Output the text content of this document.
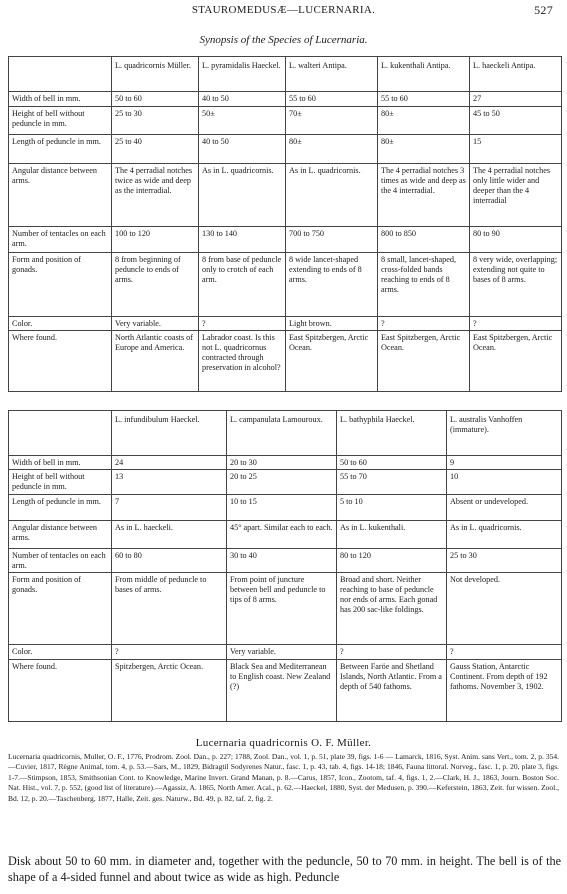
STAUROMEDUSÆ—LUCERNARIA.	527
Synopsis of the Species of Lucernaria.
	L. quadricornis Müller.	L. pyramidalis Haeckel.	L. walteri Antipa.	L. kukenthali Antipa.	L. haeckeli Antipa.
Width of bell in mm.	50 to 60	40 to 50	55 to 60	55 to 60	27
Height of bell without peduncle in mm.	25 to 30	50±	70±	80±	45 to 50
Length of peduncle in mm.	25 to 40	40 to 50	80±	80±	15
Angular distance between arms.	The 4 perradial notches twice as wide and deep as the interradial.	As in L. quadricornis.	As in L. quadricornis.	The 4 perradial notches 3 times as wide and deep as the 4 interradial.	The 4 perradial notches only little wider and deeper than the 4 interradial
Number of tentacles on each arm.	100 to 120	130 to 140	700 to 750	800 to 850	80 to 90
Form and position of gonads.	8 from beginning of peduncle to ends of arms.	8 from base of peduncle only to crotch of each arm.	8 wide lancet-shaped extending to ends of 8 arms.	8 small, lancet-shaped, cross-folded bands reaching to ends of 8 arms.	8 very wide, overlapping; extending not quite to bases of 8 arms.
Color.	Very variable.	?	Light brown.	?	?
Where found.	North Atlantic coasts of Europe and America.	Labrador coast. Is this not L. quadricornus contracted through preservation in alcohol?	East Spitzbergen, Arctic Ocean.	East Spitzbergen, Arctic Ocean.	East Spitzbergen, Arctic Ocean.
	L. infundibulum Haeckel.	L. campanulata Lamouroux.	L. bathyphila Haeckel.	L. australis Vanhoffen (immature).
Width of bell in mm.	24	20 to 30	50 to 60	9
Height of bell without peduncle in mm.	13	20 to 25	55 to 70	10
Length of peduncle in mm.	7	10 to 15	5 to 10	Absent or undeveloped.
Angular distance between arms.	As in L. haeckeli.	45° apart. Similar each to each.	As in L. kukenthali.	As in L. quadricornis.
Number of tentacles on each arm.	60 to 80	30 to 40	80 to 120	25 to 30
Form and position of gonads.	From middle of peduncle to bases of arms.	From point of juncture between bell and peduncle to tips of 8 arms.	Broad and short. Neither reaching to base of peduncle nor ends of arms. Each gonad has 200 sac-like foldings.	Not developed.
Color.	?	Very variable.	?	?
Where found.	Spitzbergen, Arctic Ocean.	Black Sea and Mediterranean to English coast. New Zealand (?)	Between Faröe and Shetland Islands, North Atlantic. From a depth of 540 fathoms.	Gauss Station, Antarctic Continent. From depth of 192 fathoms. November 3, 1902.
Lucernaria quadricornis O. F. Müller.
Lucernaria quadricornis, Muller, O. F., 1776, Prodrom. Zool. Dan., p. 227; 1788, Zool. Dan., vol. 1, p. 51, plate 39, figs. 1-6 — Lamarck, 1816, Syst. Anim. sans Vert., tom. 2, p. 354.—Cuvier, 1817, Règne Animal, tom. 4, p. 53.—Sars, M., 1829, Bidragtil Sodyrenes Natur., fasc. 1, p. 43, tab. 4, figs. 14-18; 1846, Fauna littoral. Norveg., fasc. 1, p. 20, plate 3, figs. 1-7.—Stimpson, 1853, Smithsonian Cont. to Knowledge, Marine Invert. Grand Manan, p. 8.—Carus, 1857, Icon., Zootom, taf. 4, figs. 1, 2.—Clark, H. J., 1863, Journ. Boston Soc. Nat. Hist., vol. 7, p. 552, (good list of literature).—Agassiz, A. 1865, North Amer. Acal., p. 62.—Haeckel, 1880, Syst. der Medusen, p. 390.—Keferstein, 1863, Zeit. fur wissen. Zool., Bd. 12, p. 20.—Taschenberg, 1877, Halle, Zeit. ges. Naturw., Bd. 49, p. 82, taf. 2, fig. 2.
Disk about 50 to 60 mm. in diameter and, together with the peduncle, 50 to 70 mm. in height. The bell is of the shape of a 4-sided funnel and about twice as wide as high. Peduncle
